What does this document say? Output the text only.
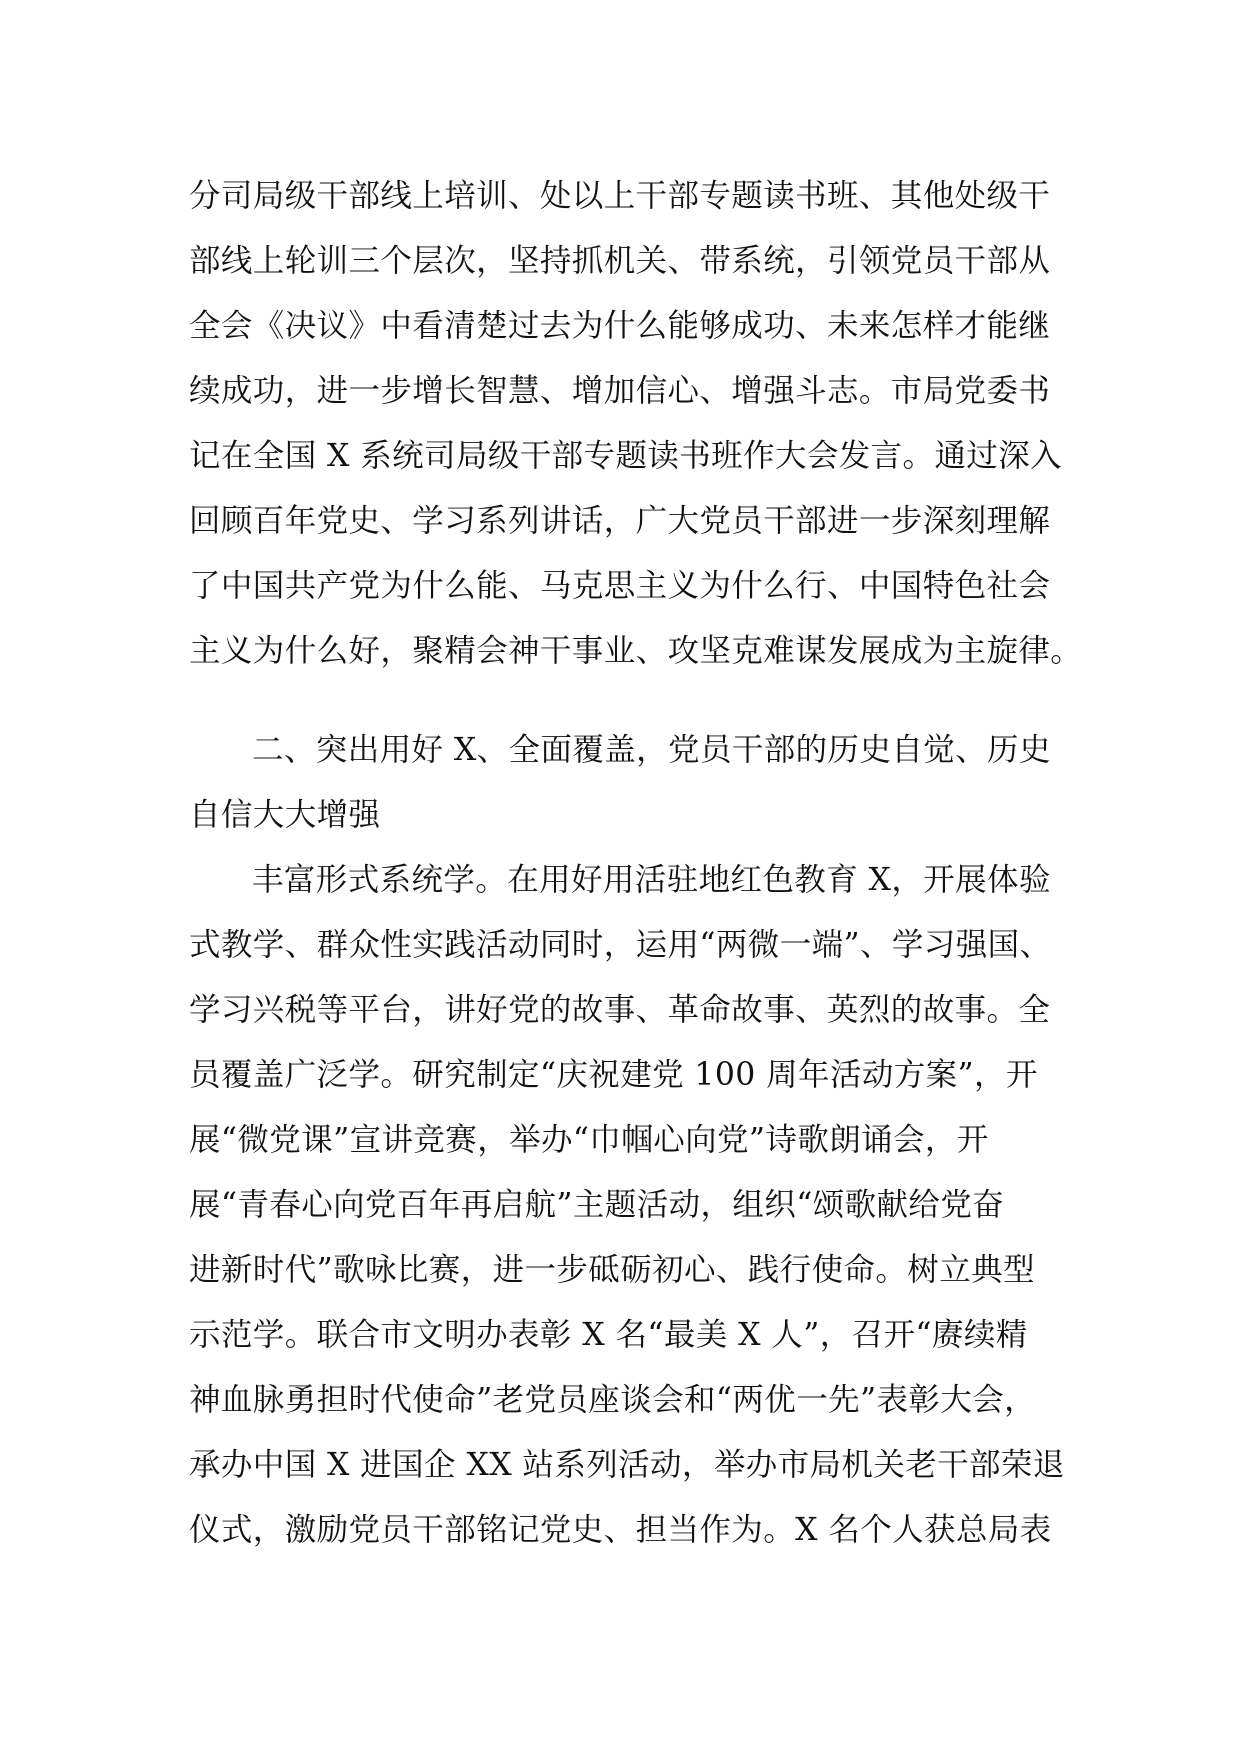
分司局级干部线上培训、处以上干部专题读书班、其他处级干
部线上轮训三个层次，坚持抓机关、带系统，引领党员干部从
全会《决议》中看清楚过去为什么能够成功、未来怎样才能继
续成功，进一步增长智慧、增加信心、增强斗志。市局党委书
记在全国 X 系统司局级干部专题读书班作大会发言。通过深入
回顾百年党史、学习系列讲话，广大党员干部进一步深刻理解
了中国共产党为什么能、马克思主义为什么行、中国特色社会
主义为什么好，聚精会神干事业、攻坚克难谋发展成为主旋律。
二、突出用好 X、全面覆盖，党员干部的历史自觉、历史
自信大大增强
丰富形式系统学。在用好用活驻地红色教育 X，开展体验
式教学、群众性实践活动同时，运用“两微一端”、学习强国、
学习兴税等平台，讲好党的故事、革命故事、英烈的故事。全
员覆盖广泛学。研究制定“庆祝建党 100 周年活动方案”，开
展“微党课”宣讲竞赛，举办“巾帼心向党”诗歌朗诵会，开
展“青春心向党百年再启航”主题活动，组织“颂歌献给党奋
进新时代”歌咏比赛，进一步砥砺初心、践行使命。树立典型
示范学。联合市文明办表彰 X 名“最美 X 人”，召开“赓续精
神血脉勇担时代使命”老党员座谈会和“两优一先”表彰大会，
承办中国 X 进国企 XX 站系列活动，举办市局机关老干部荣退
仪式，激励党员干部铭记党史、担当作为。X 名个人获总局表
